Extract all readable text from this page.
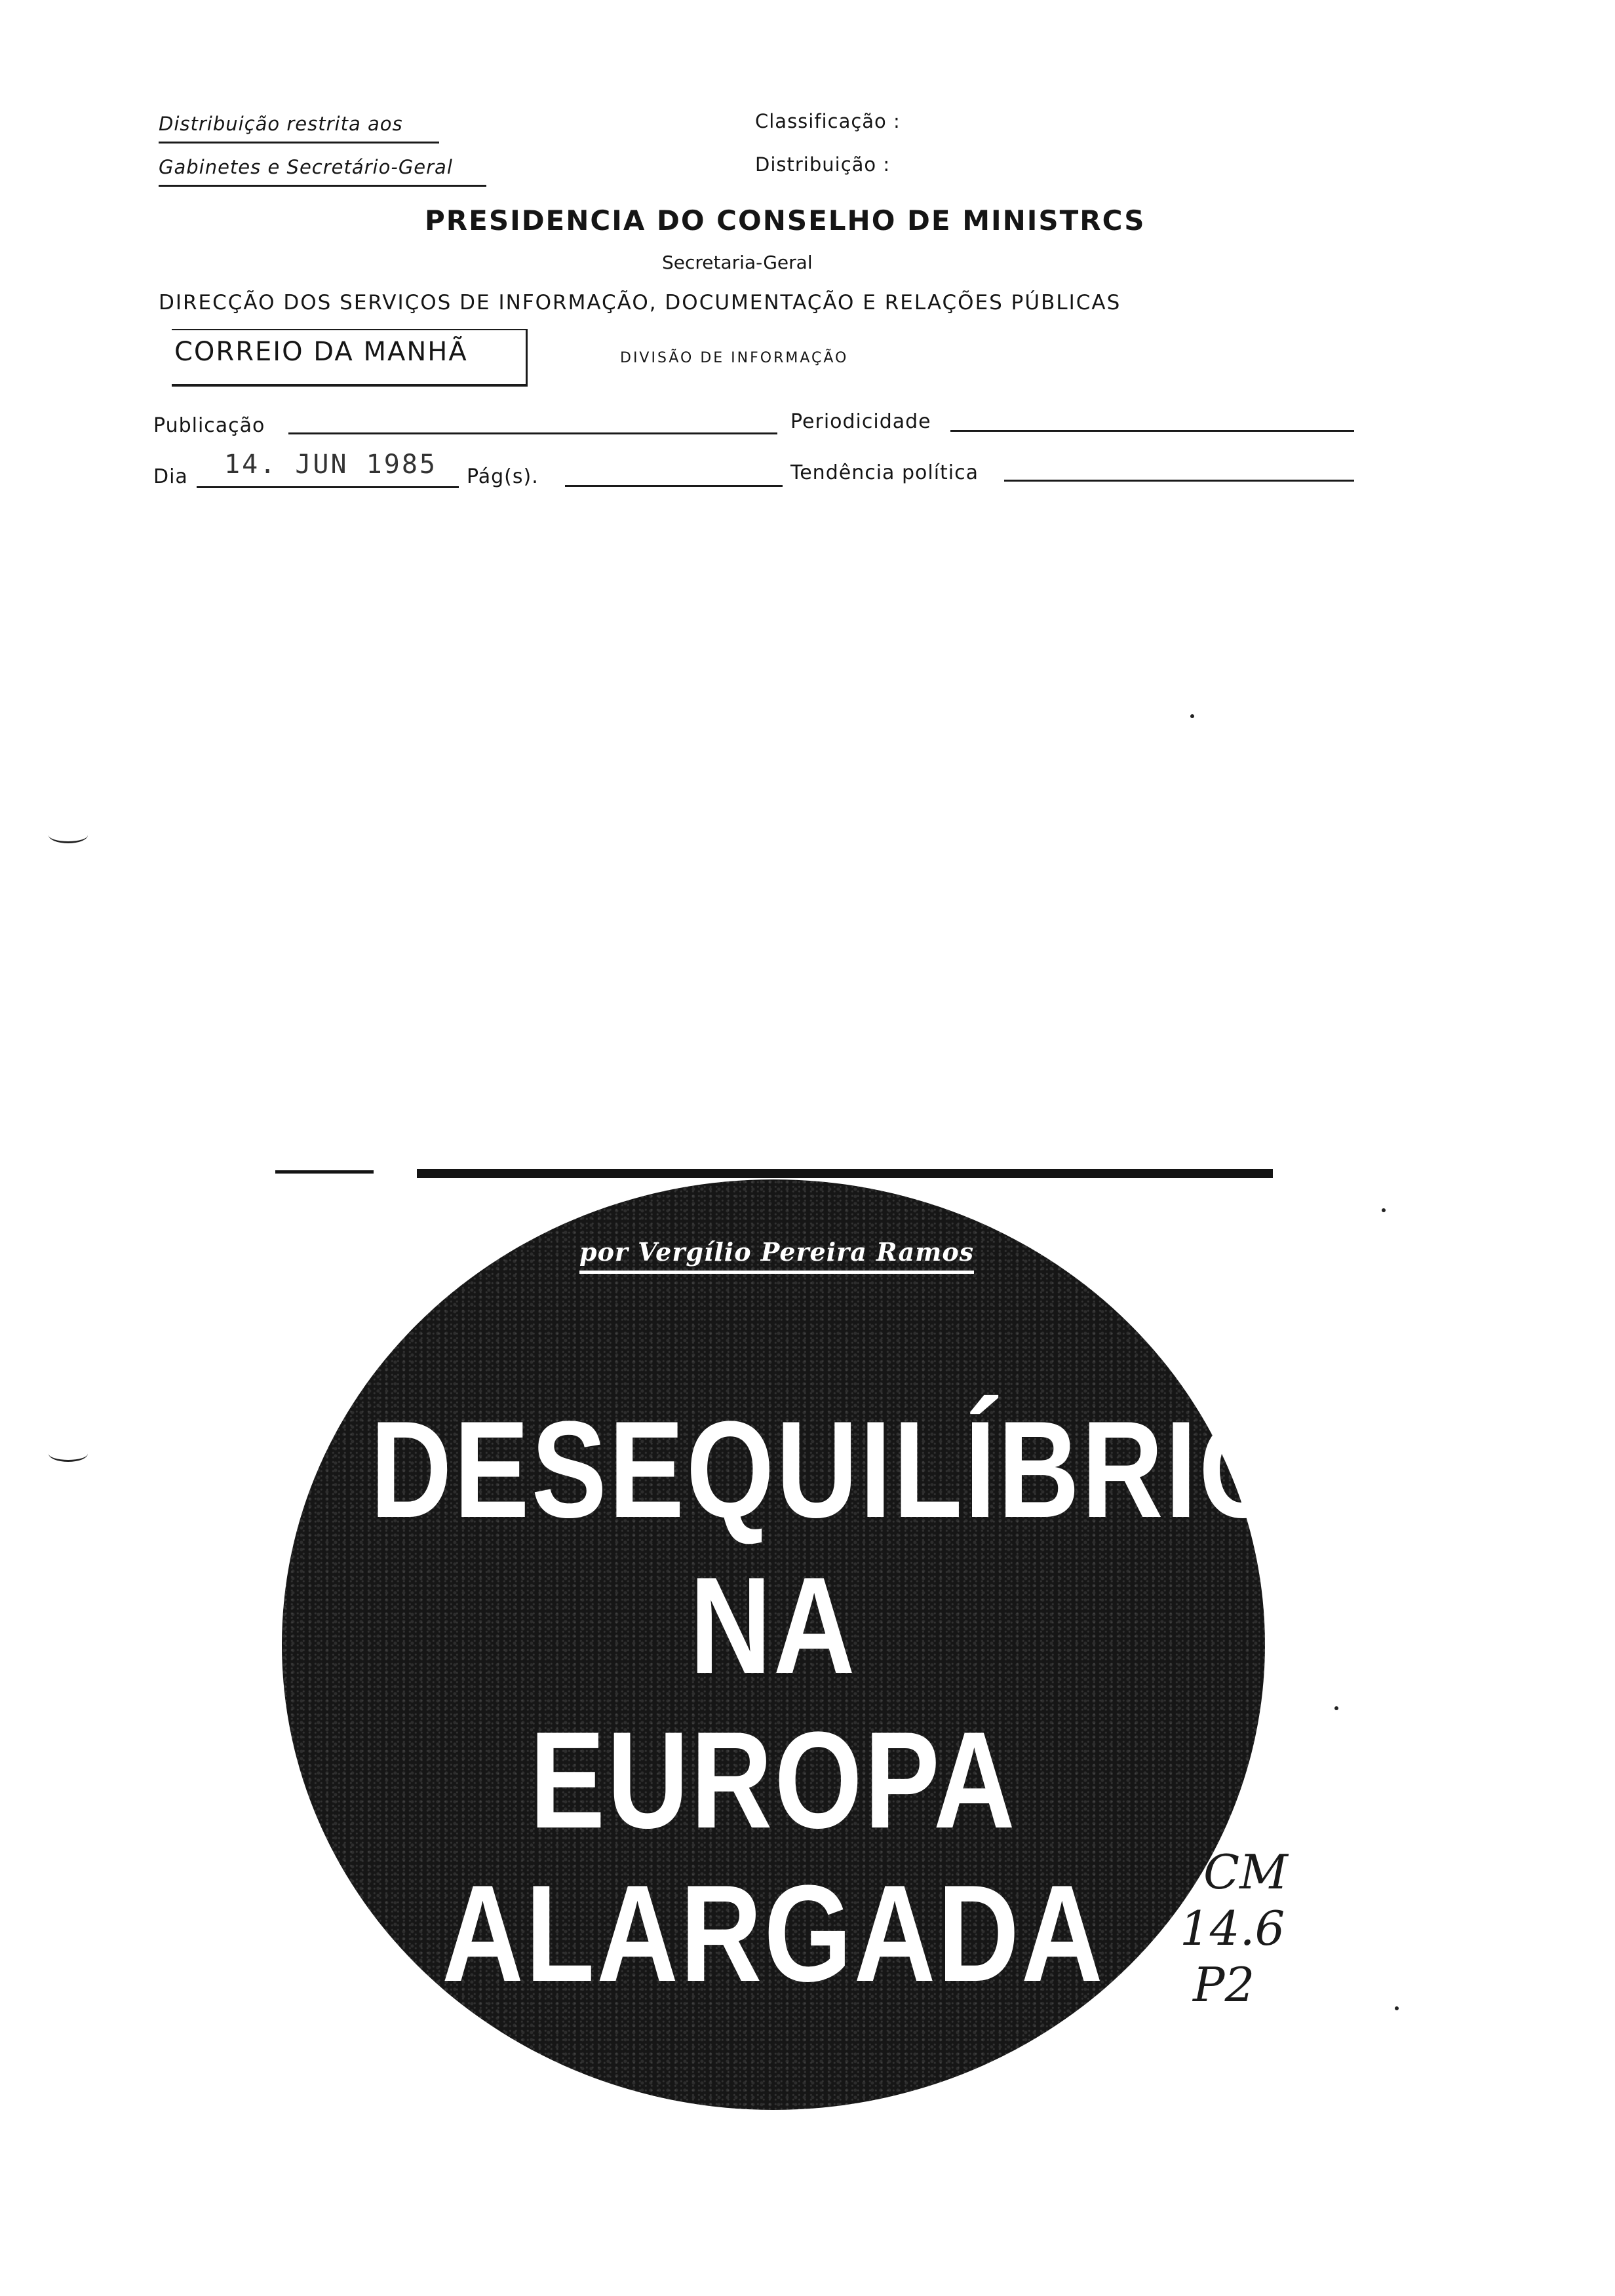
Distribuição restrita aos
Gabinetes e Secretário-Geral
Classificação :
Distribuição :
PRESIDENCIA DO CONSELHO DE MINISTRCS
Secretaria-Geral
DIRECÇÃO DOS SERVIÇOS DE INFORMAÇÃO, DOCUMENTAÇÃO E RELAÇÕES PÚBLICAS
CORREIO DA MANHÃ	DIVISÃO DE INFORMAÇÃO
Publicação	Periodicidade
Dia 14. JUN 1985 Pág(s).	Tendência política
por Vergílio Pereira Ramos
DESEQUILÍBRIOS
NA
EUROPA
ALARGADA	CM
14.6
P2
